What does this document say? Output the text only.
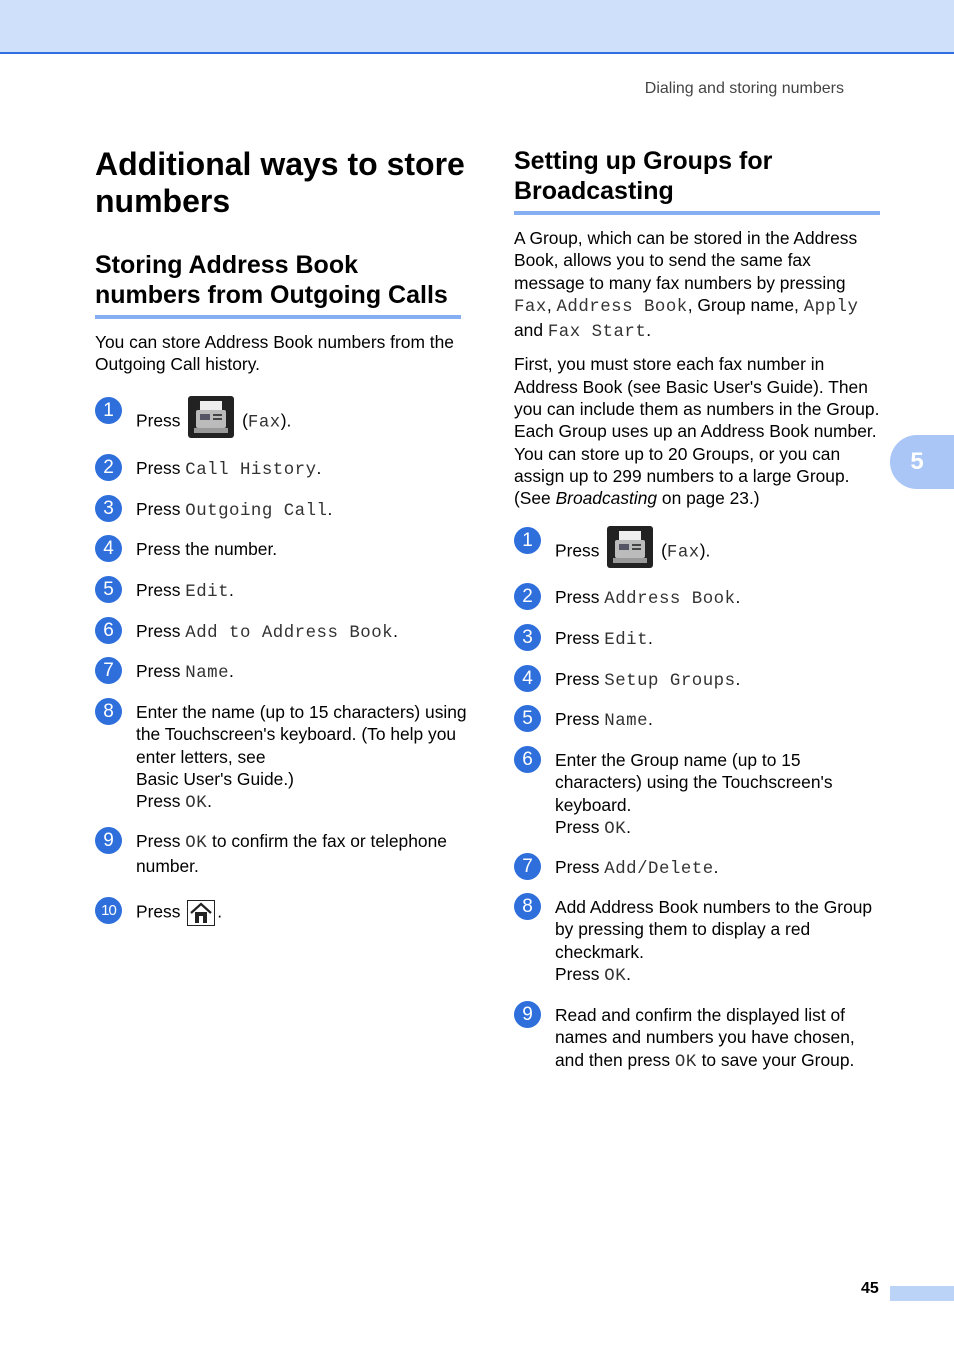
Dialing and storing numbers
5
Additional ways to store numbers
Storing Address Book numbers from Outgoing Calls

You can store Address Book numbers from the Outgoing Call history.

1	Press	(Fax).
2	Press Call History.
3	Press Outgoing Call.
4	Press the number.
5	Press Edit.
6	Press Add to Address Book.
7	Press Name.
8	Enter the name (up to 15 characters) using the Touchscreen's keyboard. (To help you enter letters, see
Basic User's Guide.)
Press OK.
9	Press OK to confirm the fax or telephone number.
10	Press .
Setting up Groups for Broadcasting

A Group, which can be stored in the Address Book, allows you to send the same fax message to many fax numbers by pressing
Fax, Address Book, Group name, Apply
and Fax Start.

First, you must store each fax number in Address Book (see Basic User's Guide). Then you can include them as numbers in the Group. Each Group uses up an Address Book number. You can store up to 20 Groups, or you can assign up to 299 numbers to a large Group. (See Broadcasting on page 23.)

1	Press	(Fax).
2	Press Address Book.
3	Press Edit.
4	Press Setup Groups.
5	Press Name.
6	Enter the Group name (up to 15 characters) using the Touchscreen's keyboard.
Press OK.
7	Press Add/Delete.
8	Add Address Book numbers to the Group by pressing them to display a red checkmark.
Press OK.
9	Read and confirm the displayed list of names and numbers you have chosen, and then press OK to save your Group.
45
